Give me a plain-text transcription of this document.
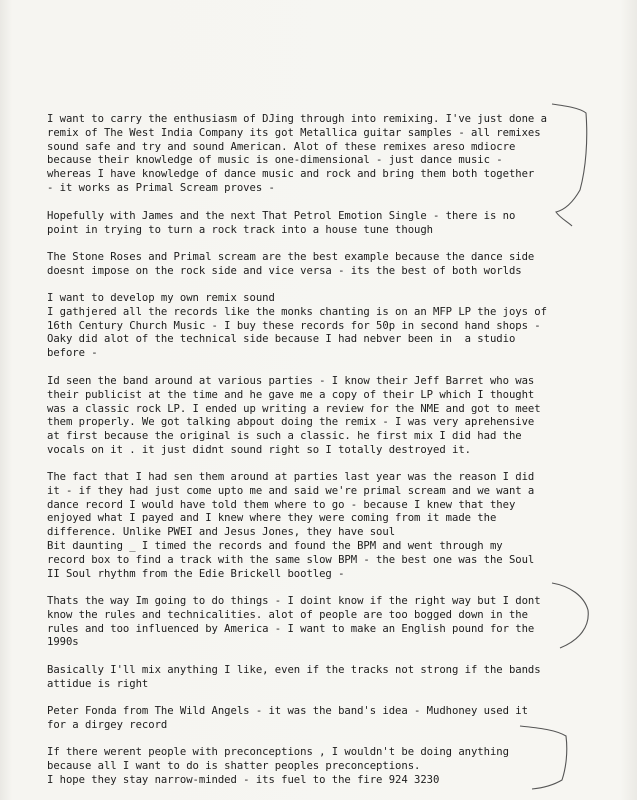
I want to carry the enthusiasm of DJing through into remixing. I've just done a
remix of The West India Company its got Metallica guitar samples - all remixes
sound safe and try and sound American. Alot of these remixes areso mdiocre
because their knowledge of music is one-dimensional - just dance music -
whereas I have knowledge of dance music and rock and bring them both together
- it works as Primal Scream proves -
Hopefully with James and the next That Petrol Emotion Single - there is no
point in trying to turn a rock track into a house tune though
The Stone Roses and Primal scream are the best example because the dance side
doesnt impose on the rock side and vice versa - its the best of both worlds
I want to develop my own remix sound
I gathjered all the records like the monks chanting is on an MFP LP the joys of
16th Century Church Music - I buy these records for 50p in second hand shops -
Oaky did alot of the technical side because I had nebver been in  a studio
before -
Id seen the band around at various parties - I know their Jeff Barret who was
their publicist at the time and he gave me a copy of their LP which I thought
was a classic rock LP. I ended up writing a review for the NME and got to meet
them properly. We got talking abpout doing the remix - I was very aprehensive
at first because the original is such a classic. he first mix I did had the
vocals on it . it just didnt sound right so I totally destroyed it.
The fact that I had sen them around at parties last year was the reason I did
it - if they had just come upto me and said we're primal scream and we want a
dance record I would have told them where to go - because I knew that they
enjoyed what I payed and I knew where they were coming from it made the
difference. Unlike PWEI and Jesus Jones, they have soul
Bit daunting _ I timed the records and found the BPM and went through my
record box to find a track with the same slow BPM - the best one was the Soul
II Soul rhythm from the Edie Brickell bootleg -
Thats the way Im going to do things - I doint know if the right way but I dont
know the rules and technicalities. alot of people are too bogged down in the
rules and too influenced by America - I want to make an English pound for the
1990s
Basically I'll mix anything I like, even if the tracks not strong if the bands
attidue is right
Peter Fonda from The Wild Angels - it was the band's idea - Mudhoney used it
for a dirgey record
If there werent people with preconceptions , I wouldn't be doing anything
because all I want to do is shatter peoples preconceptions.
I hope they stay narrow-minded - its fuel to the fire 924 3230
